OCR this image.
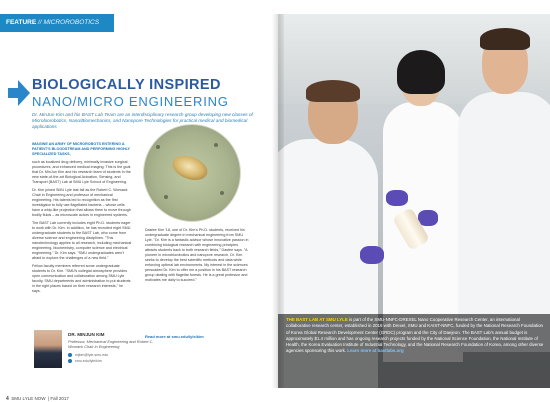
FEATURE // MICROROBOTICS
BIOLOGICALLY INSPIRED
NANO/MICRO ENGINEERING
Dr. MinJun Kim and his BAST Lab Team are an interdisciplinary research group developing new classes of Microbiorobotics, Nano/Biomechanics, and Nanopore Technologies for practical medical and biomedical applications

IMAGINE AN ARMY OF MICROROBOTS ENTERING A PATIENT'S BLOODSTREAM AND PERFORMING HIGHLY SPECIALIZED TASKS,

such as localized drug delivery, minimally invasive surgical procedures, and enhanced medical imaging. This is the goal that Dr. MinJun Kim and his research team of students in the new state-of-the-art Biological Actuation, Sensing, and Transport (BAST) Lab at SMU Lyle School of Engineering.

Dr. Kim joined SMU Lyle last fall as the Robert C. Womack Chair in Engineering and professor of mechanical engineering. His talents led to recognition as the first investigator to fully use flagellated bacteria – whose cells have a whip-like projection that allows them to move through bodily fluids – as microscale actors in engineered systems.

The BAST Lab currently includes eight Ph.D. students eager to work with Dr. Kim. In addition, he has recruited eight SMU undergraduate students to the BAST Lab, who come from diverse science and engineering disciplines. "This nanotechnology applies to all research, including mechanical engineering, biochemistry, computer science and electrical engineering," Dr. Kim says. "SMU undergraduates aren't afraid to explore the challenges of a new field."

Fellow faculty members referred some undergraduate students to Dr. Kim. "SMU's collegial atmosphere provides open communication and collaboration among SMU Lyle faculty, SMU departments and administration to put students in the right places based on their research interests," he says.

Dasfee Kim '18, one of Dr. Kim's Ph.D. students, received his undergraduate degree in mechanical engineering from SMU Lyle. "Dr. Kim is a fantastic advisor whose innovative passion in combining biological research with engineering principles attracts students back to both research fields," Dasfee says. "A pioneer in microbiorobotics and nanopore research, Dr. Kim seeks to develop the best scientific methods and data while enforcing optimal lab environments. My interest in the sciences persuaded Dr. Kim to offer me a position in his BAST research group dealing with flagellar forests. He is a great professor and motivates me daily to succeed."

Read more at smu.edu/lyle/kim
DR. MINJUN KIM
Professor, Mechanical Engineering and Robert C. Womack Chair in Engineering
mjkim@lyle.smu.edu
smu.edu/lyle/kim
4 SMU LYLE NOW  | Fall 2017
THE BAST LAB AT SMU LYLE is part of the SMU-NNFC-DREXEL Nano Cooperative Research Center, an international collaborative research center, established in 2016 with Drexel, SMU and KAIST-NNFC, funded by the National Research Foundation of Korea Global Research Development Center (GRDC) program and the City of Daejeon. The BAST Lab's annual budget is approximately $1.4 million and has ongoing research projects funded by the National Science Foundation, the National Institute of Health, the Korea Evaluation Institute of Industrial Technology, and the National Research Foundation of Korea, among other diverse agencies sponsoring this work. Learn more at bastlabs.org
